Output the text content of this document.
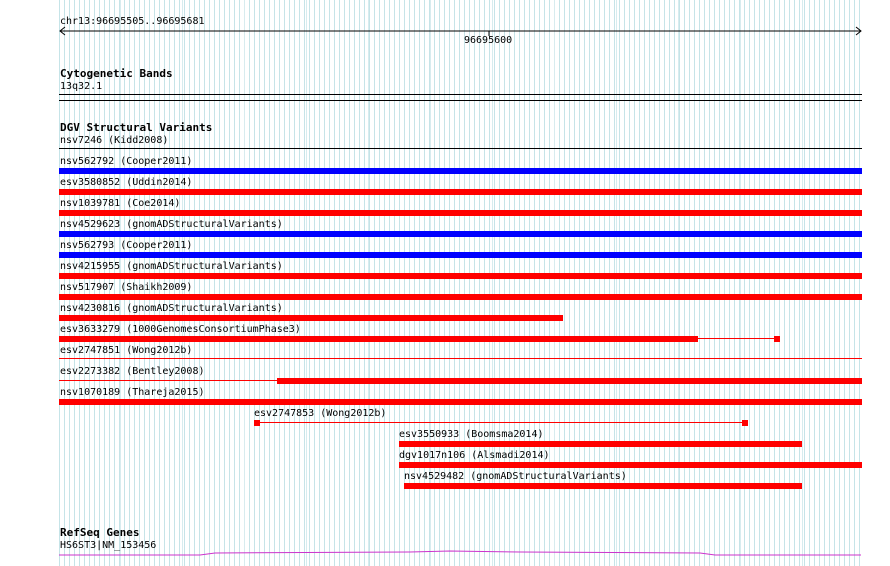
chr13:96695505..96695681
96695600
Cytogenetic Bands
13q32.1
DGV Structural Variants
nsv7246 (Kidd2008)
nsv562792 (Cooper2011)
esv3580852 (Uddin2014)
nsv1039781 (Coe2014)
nsv4529623 (gnomADStructuralVariants)
nsv562793 (Cooper2011)
nsv4215955 (gnomADStructuralVariants)
nsv517907 (Shaikh2009)
nsv4230816 (gnomADStructuralVariants)
esv3633279 (1000GenomesConsortiumPhase3)
esv2747851 (Wong2012b)
esv2273382 (Bentley2008)
nsv1070189 (Thareja2015)
esv2747853 (Wong2012b)
esv3550933 (Boomsma2014)
dgv1017n106 (Alsmadi2014)
nsv4529482 (gnomADStructuralVariants)
RefSeq Genes
HS6ST3|NM_153456
